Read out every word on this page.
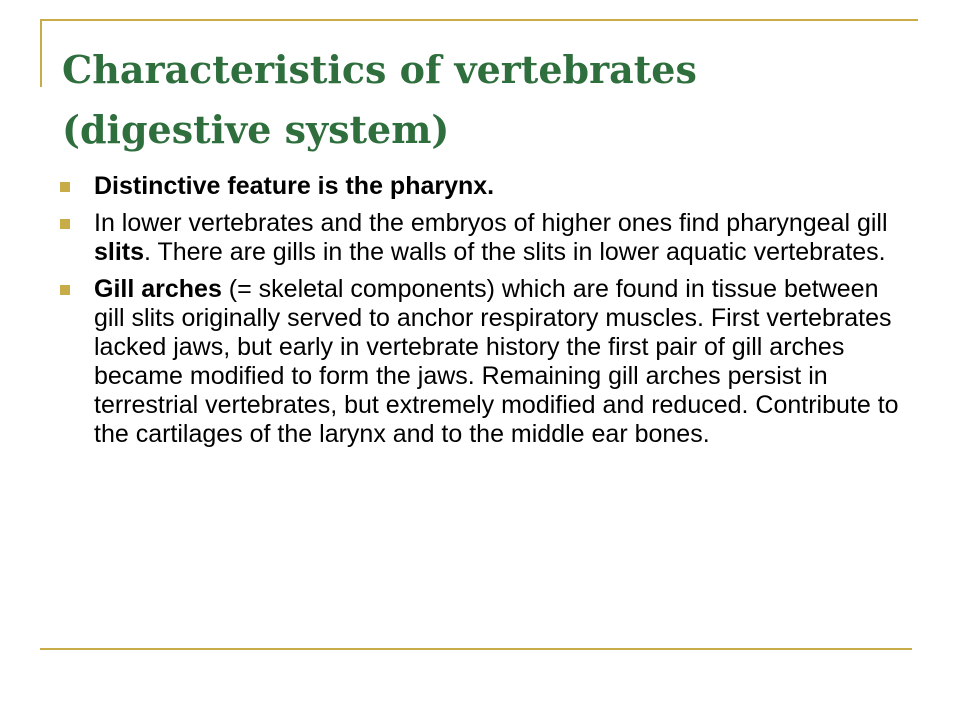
Characteristics of vertebrates (digestive system)
Distinctive feature is the pharynx.
In lower vertebrates and the embryos of higher ones find pharyngeal gill slits. There are gills in the walls of the slits in lower aquatic vertebrates.
Gill arches (= skeletal components) which are found in tissue between gill slits originally served to anchor respiratory muscles. First vertebrates lacked jaws, but early in vertebrate history the first pair of gill arches became modified to form the jaws. Remaining gill arches persist in terrestrial vertebrates, but extremely modified and reduced. Contribute to the cartilages of the larynx and to the middle ear bones.
